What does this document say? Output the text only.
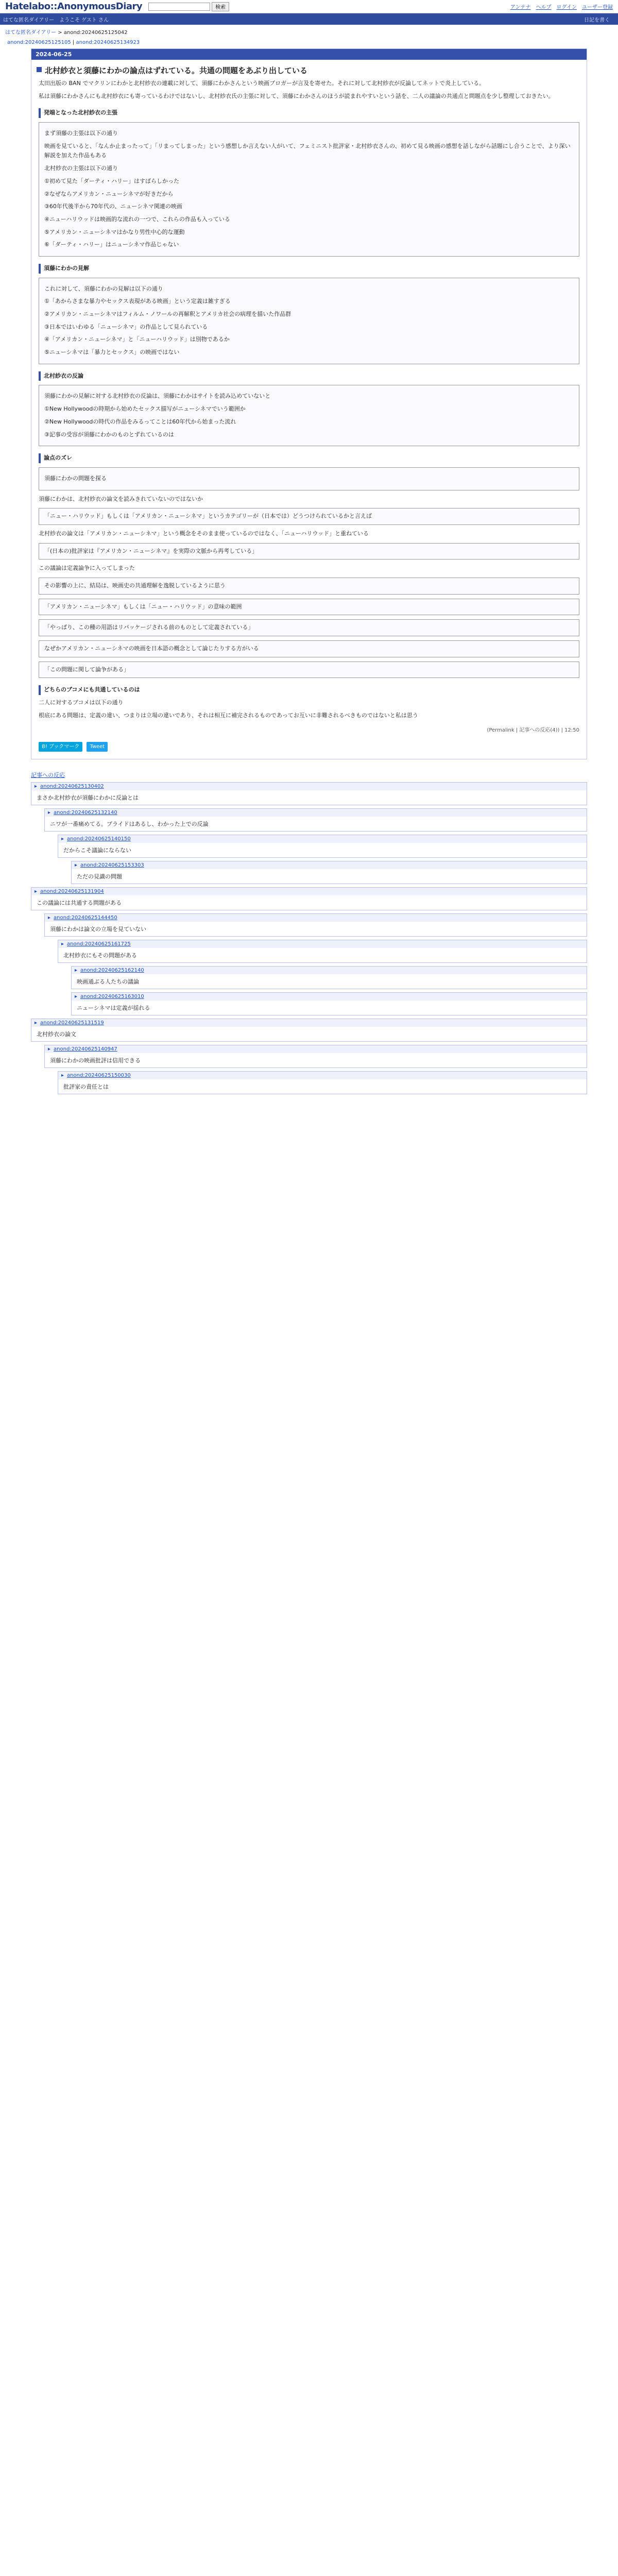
Hatelabo::AnonymousDiary	検索	アンテナ ヘルプ ログイン ユーザー登録
はてな匿名ダイアリー ようこそ ゲスト さん	日記を書く
はてな匿名ダイアリー > anond:20240625125042
anond:20240625125105 | anond:20240625134923
2024-06-25
北村紗衣と須藤にわかの論点はずれている。共通の問題をあぶり出している
太田出版の BAN でマクリンにわかと北村紗衣の連載に対して、須藤にわかさんという映画ブロガーが言及を寄せた。それに対して北村紗衣が反論してネットで炎上している。
私は須藤にわかさんにも北村紗衣にも寄っているわけではないし、北村紗衣氏の主張に対して、須藤にわかさんのほうが読まれやすいという話を、二人の議論の共通点と問題点を少し整理しておきたい。
発端となった北村紗衣の主張
まず須藤の主張は以下の通り
映画を見ていると、「なんか止まったって」「リまってしまった」という感想しか言えない人がいて、フェミニスト批評家・北村紗衣さんの、初めて見る映画の感想を話しながら話題にし合うことで、より深い解説を加えた作品もある
北村紗衣の主張は以下の通り
①初めて見た「ダーティ・ハリー」はすばらしかった
②なぜならアメリカン・ニューシネマが好きだから
③60年代後半から70年代の、ニューシネマ関連の映画
④ニューハリウッドは映画的な流れの一つで、これらの作品も入っている
⑤アメリカン・ニューシネマはかなり男性中心的な運動
⑥「ダーティ・ハリー」はニューシネマ作品じゃない
須藤にわかの見解
これに対して、須藤にわかの見解は以下の通り
①「あからさまな暴力やセックス表現がある映画」という定義は雑すぎる
②アメリカン・ニューシネマはフィルム・ノワールの再解釈とアメリカ社会の病理を描いた作品群
③日本ではいわゆる「ニューシネマ」の作品として見られている
④「アメリカン・ニューシネマ」と「ニューハリウッド」は別物であるか
⑤ニューシネマは「暴力とセックス」の映画ではない
北村紗衣の反論
須藤にわかの見解に対する北村紗衣の反論は、須藤にわかはサイトを読み込めていないと
①New Hollywoodの時期から始めたセックス描写がニューシネマでいう範囲か
②New Hollywoodの時代の作品をみるってことは60年代から始まった流れ
③記事の受容が須藤にわかのものとずれているのは
論点のズレ
須藤にわかの問題を探る
須藤にわかは、北村紗衣の論文を読みきれていないのではないか
「ニュー・ハリウッド」もしくは「アメリカン・ニューシネマ」というカテゴリーが（日本では）どうつけられているかと言えば
北村紗衣の論文は「アメリカン・ニューシネマ」という概念をそのまま使っているのではなく、「ニューハリウッド」と重ねている
「(日本の)批評家は『アメリカン・ニューシネマ』を実際の文脈から再考している」
この議論は定義論争に入ってしまった
その影響の上に、結局は、映画史の共通理解を逸脱しているように思う
「アメリカン・ニューシネマ」もしくは「ニュー・ハリウッド」の意味の範囲
「やっぱり、この種の用語はリパッケージされる前のものとして定義されている」
なぜかアメリカン・ニューシネマの映画を日本語の概念として論じたりする方がいる
「この問題に関して論争がある」
どちらのブコメにも共通しているのは
二人に対するブコメは以下の通り
根底にある問題は、定義の違い、つまりは立場の違いであり、それは相互に補完されるものであってお互いに非難されるべきものではないと私は思う
(Permalink | 記事への反応(4)) | 12:50
B! ブックマーク	Tweet
記事への反応
▸ anond:20240625130402
まさか北村紗衣が須藤にわかに反論とは
▸ anond:20240625132140
ニワが一番痛めてる。プライドはあるし、わかった上での反論
▸ anond:20240625140150
だからこそ議論にならない
▸ anond:20240625153303
ただの見識の問題
▸ anond:20240625131904
この議論には共通する問題がある
▸ anond:20240625144450
須藤にわかは論文の立場を見ていない
▸ anond:20240625161725
北村紗衣にもその問題がある
▸ anond:20240625162140
映画通ぶる人たちの議論
▸ anond:20240625163010
ニューシネマは定義が揺れる
▸ anond:20240625131519
北村紗衣の論文
▸ anond:20240625140947
須藤にわかの映画批評は信用できる
▸ anond:20240625150030
批評家の責任とは
